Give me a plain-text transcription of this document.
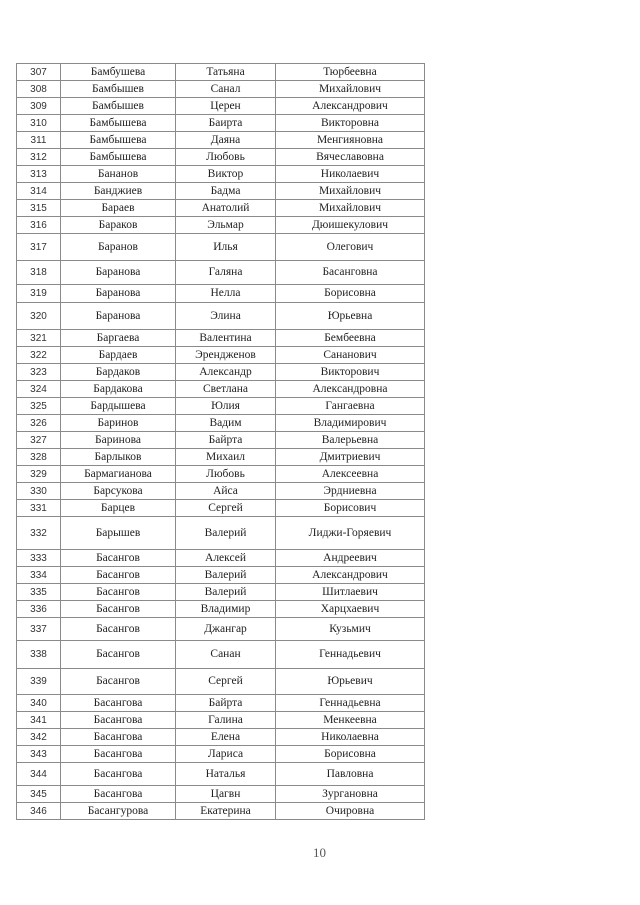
307	Бамбушева	Татьяна	Тюрбеевна
308	Бамбышев	Санал	Михайлович
309	Бамбышев	Церен	Александрович
310	Бамбышева	Баирта	Викторовна
311	Бамбышева	Даяна	Менгияновна
312	Бамбышева	Любовь	Вячеславовна
313	Бананов	Виктор	Николаевич
314	Банджиев	Бадма	Михайлович
315	Бараев	Анатолий	Михайлович
316	Бараков	Эльмар	Дюишекулович
317	Баранов	Илья	Олегович
318	Баранова	Галяна	Басанговна
319	Баранова	Нелла	Борисовна
320	Баранова	Элина	Юрьевна
321	Баргаева	Валентина	Бембеевна
322	Бардаев	Эрендженов	Сананович
323	Бардаков	Александр	Викторович
324	Бардакова	Светлана	Александровна
325	Бардышева	Юлия	Гангаевна
326	Баринов	Вадим	Владимирович
327	Баринова	Байрта	Валерьевна
328	Барлыков	Михаил	Дмитриевич
329	Бармагианова	Любовь	Алексеевна
330	Барсукова	Айса	Эрдниевна
331	Барцев	Сергей	Борисович
332	Барышев	Валерий	Лиджи-Горяевич
333	Басангов	Алексей	Андреевич
334	Басангов	Валерий	Александрович
335	Басангов	Валерий	Шитлаевич
336	Басангов	Владимир	Харцхаевич
337	Басангов	Джангар	Кузьмич
338	Басангов	Санан	Геннадьевич
339	Басангов	Сергей	Юрьевич
340	Басангова	Байрта	Геннадьевна
341	Басангова	Галина	Менкеевна
342	Басангова	Елена	Николаевна
343	Басангова	Лариса	Борисовна
344	Басангова	Наталья	Павловна
345	Басангова	Цагвн	Зургановна
346	Басангурова	Екатерина	Очировна
10
